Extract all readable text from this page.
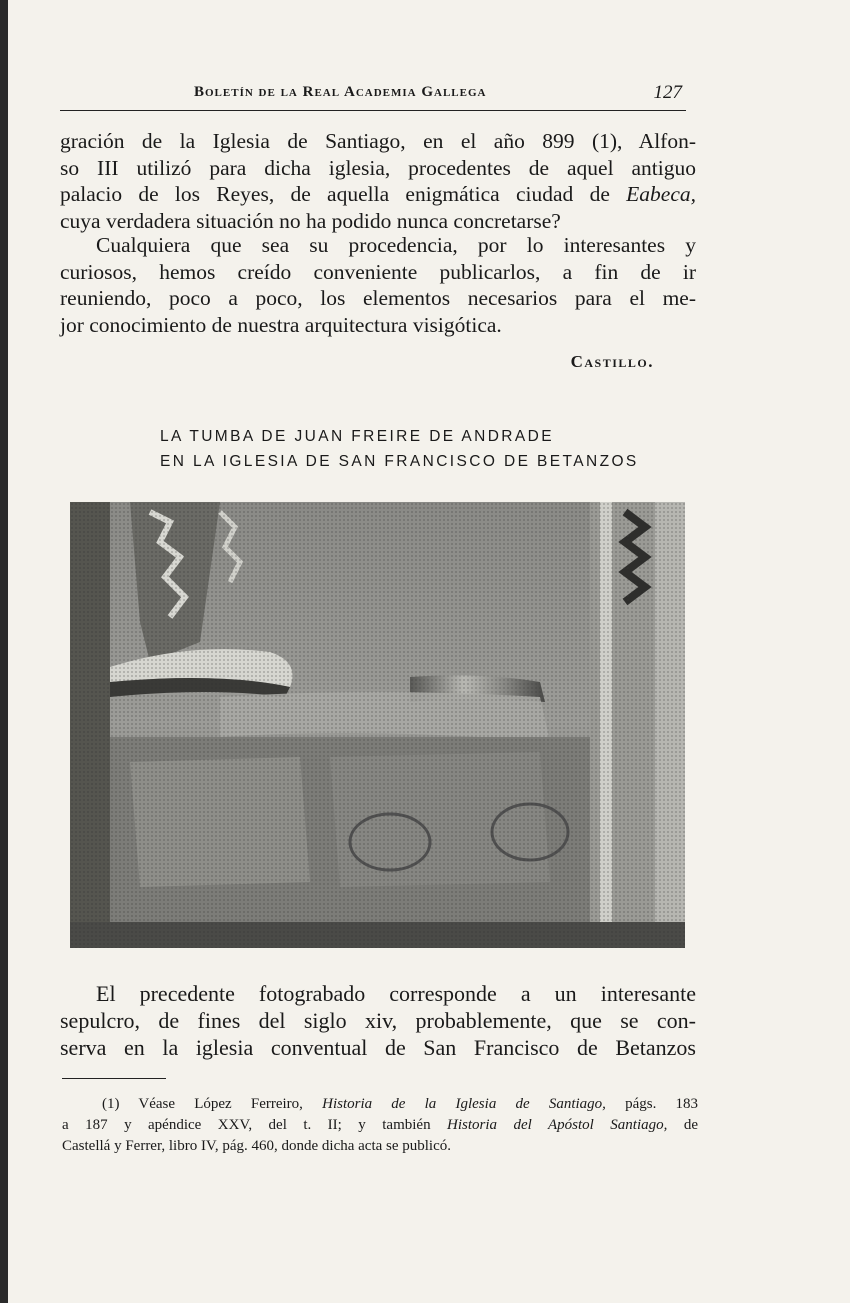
Boletín de la Real Academia Gallega	127
gración de la Iglesia de Santiago, en el año 899 (1), Alfon-
so III utilizó para dicha iglesia, procedentes de aquel antiguo
palacio de los Reyes, de aquella enigmática ciudad de Eabeca,
cuya verdadera situación no ha podido nunca concretarse?
Cualquiera que sea su procedencia, por lo interesantes y
curiosos, hemos creído conveniente publicarlos, a fin de ir
reuniendo, poco a poco, los elementos necesarios para el me-
jor conocimiento de nuestra arquitectura visigótica.
Castillo.
LA TUMBA DE JUAN FREIRE DE ANDRADE
EN LA IGLESIA DE SAN FRANCISCO DE BETANZOS
El precedente fotograbado corresponde a un interesante
sepulcro, de fines del siglo xiv, probablemente, que se con-
serva en la iglesia conventual de San Francisco de Betanzos
(1) Véase López Ferreiro, Historia de la Iglesia de Santiago, págs. 183
a 187 y apéndice XXV, del t. II; y también Historia del Apóstol Santiago, de
Castellá y Ferrer, libro IV, pág. 460, donde dicha acta se publicó.
